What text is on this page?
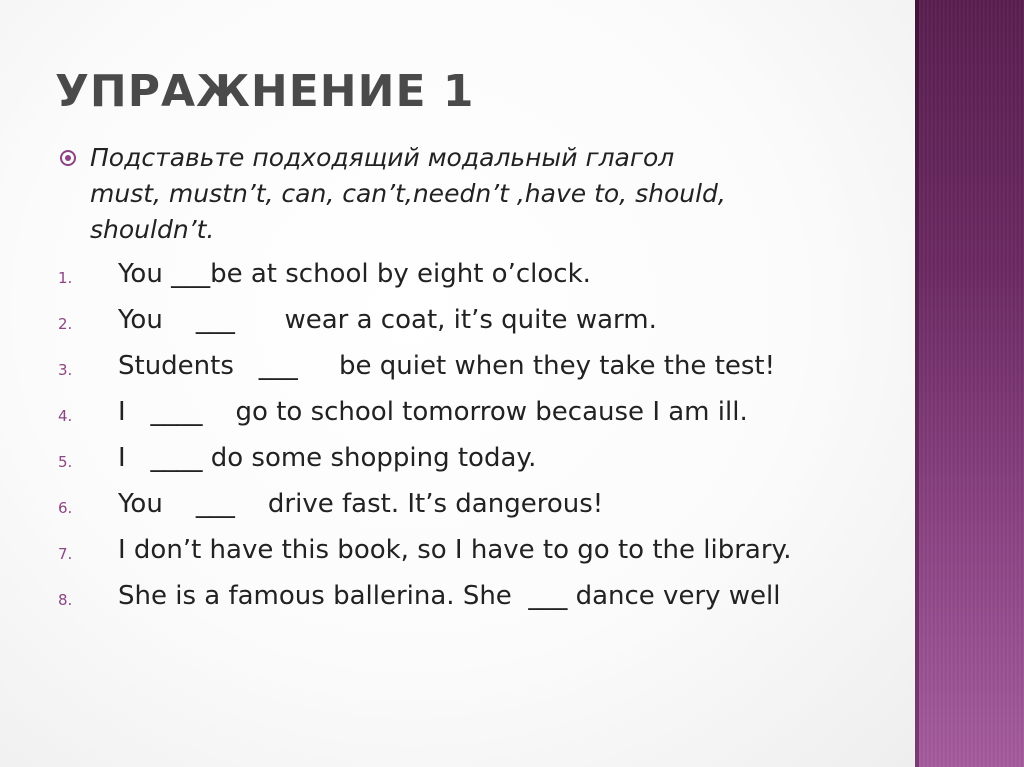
УПРАЖНЕНИЕ 1
Подставьте подходящий модальный глагол
must, mustn’t, can, can’t,needn’t ,have to, should,
shouldn’t.
1. You ___be at school by eight o’clock.
2. You    ___      wear a coat, it’s quite warm.
3. Students   ___     be quiet when they take the test!
4. I   ____    go to school tomorrow because I am ill.
5. I   ____ do some shopping today.
6. You    ___    drive fast. It’s dangerous!
7. I don’t have this book, so I have to go to the library.
8. She is a famous ballerina. She  ___ dance very well
